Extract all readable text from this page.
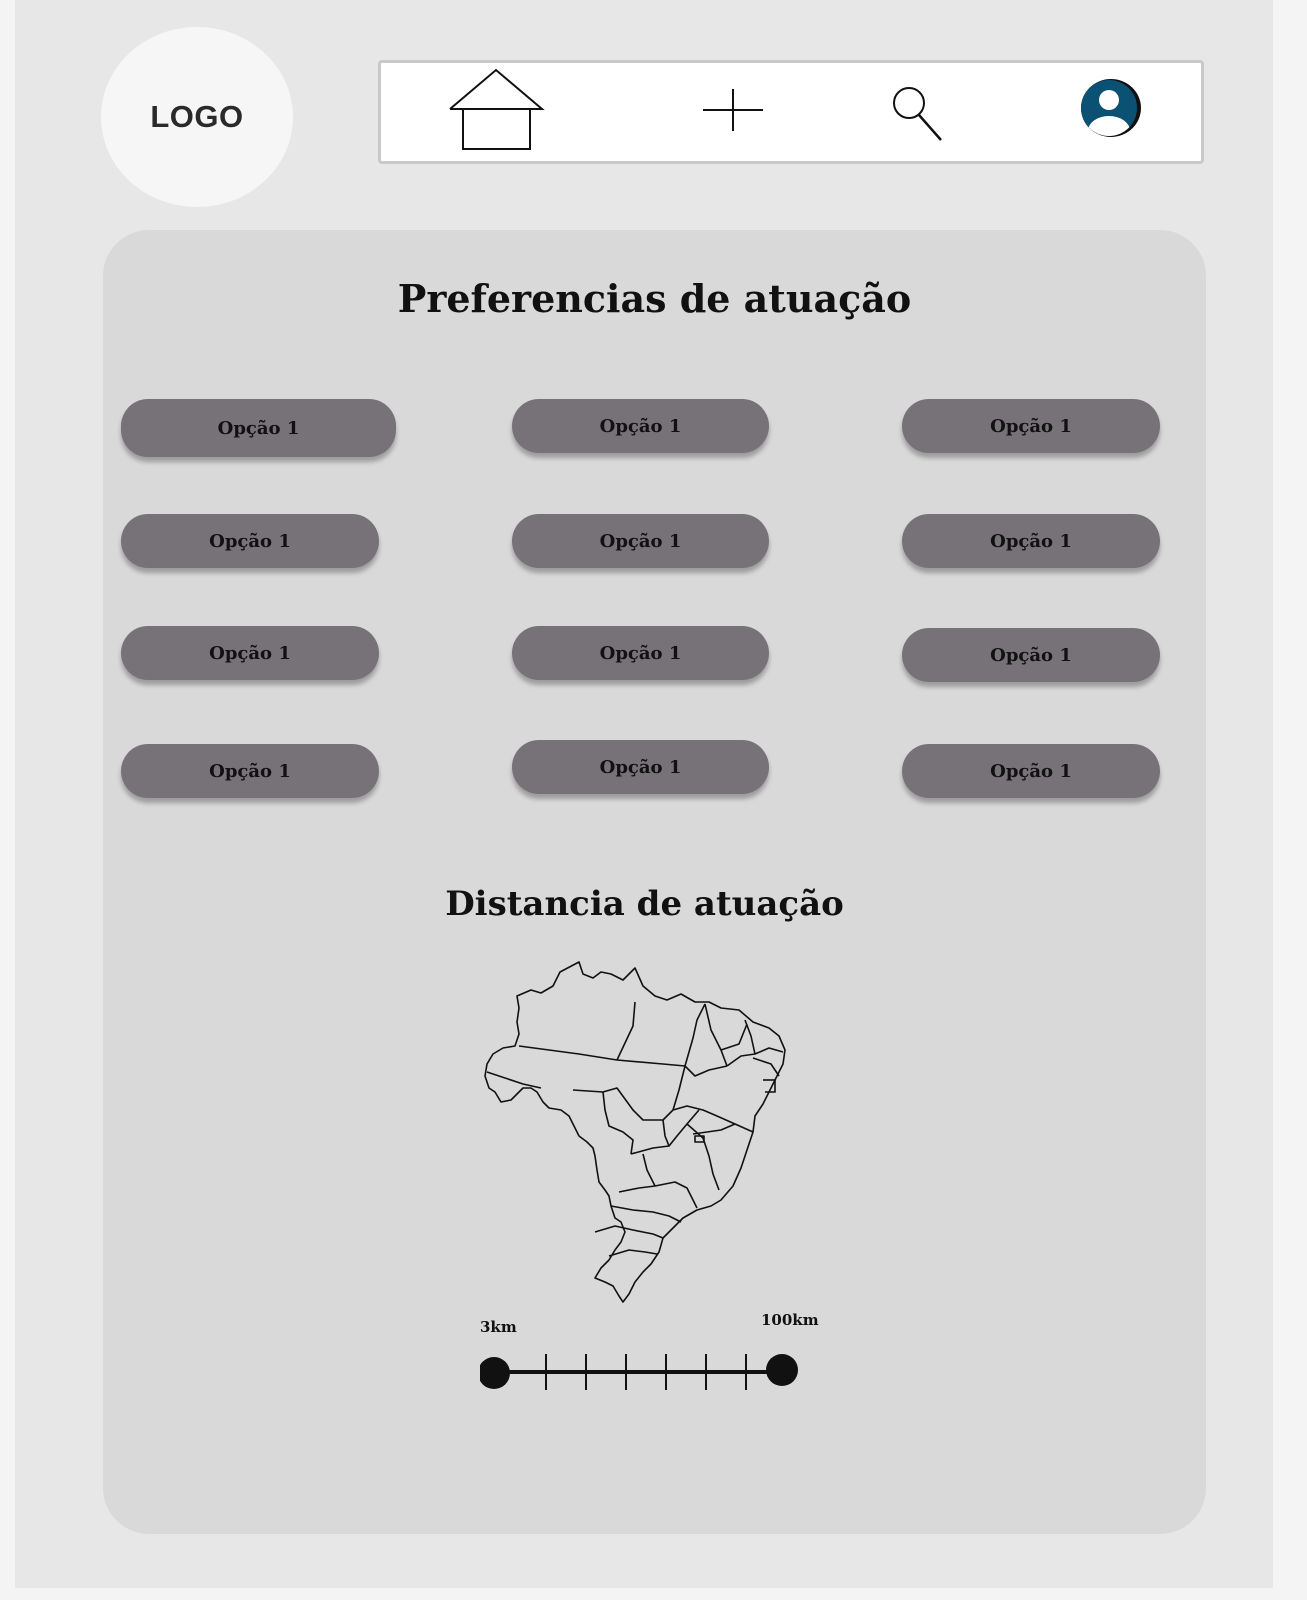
LOGO
Preferencias de atuação
Opção 1	Opção 1	Opção 1
Opção 1	Opção 1	Opção 1
Opção 1	Opção 1	Opção 1
Opção 1	Opção 1	Opção 1
Distancia de atuação
3km	100km
